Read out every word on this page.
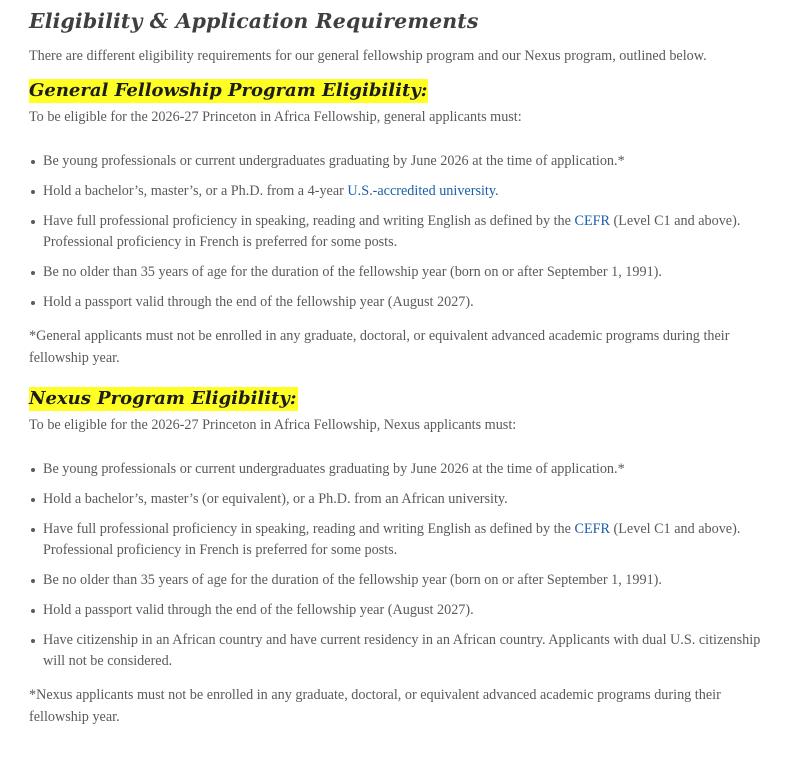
Eligibility & Application Requirements

There are different eligibility requirements for our general fellowship program and our Nexus program, outlined below.

General Fellowship Program Eligibility:

To be eligible for the 2026-27 Princeton in Africa Fellowship, general applicants must:

Be young professionals or current undergraduates graduating by June 2026 at the time of application.*
Hold a bachelor’s, master’s, or a Ph.D. from a 4-year U.S.-accredited university.
Have full professional proficiency in speaking, reading and writing English as defined by the CEFR (Level C1 and above). Professional proficiency in French is preferred for some posts.
Be no older than 35 years of age for the duration of the fellowship year (born on or after September 1, 1991).
Hold a passport valid through the end of the fellowship year (August 2027).

*General applicants must not be enrolled in any graduate, doctoral, or equivalent advanced academic programs during their fellowship year.

Nexus Program Eligibility:

To be eligible for the 2026-27 Princeton in Africa Fellowship, Nexus applicants must:

Be young professionals or current undergraduates graduating by June 2026 at the time of application.*
Hold a bachelor’s, master’s (or equivalent), or a Ph.D. from an African university.
Have full professional proficiency in speaking, reading and writing English as defined by the CEFR (Level C1 and above). Professional proficiency in French is preferred for some posts.
Be no older than 35 years of age for the duration of the fellowship year (born on or after September 1, 1991).
Hold a passport valid through the end of the fellowship year (August 2027).
Have citizenship in an African country and have current residency in an African country. Applicants with dual U.S. citizenship will not be considered.

*Nexus applicants must not be enrolled in any graduate, doctoral, or equivalent advanced academic programs during their fellowship year.
